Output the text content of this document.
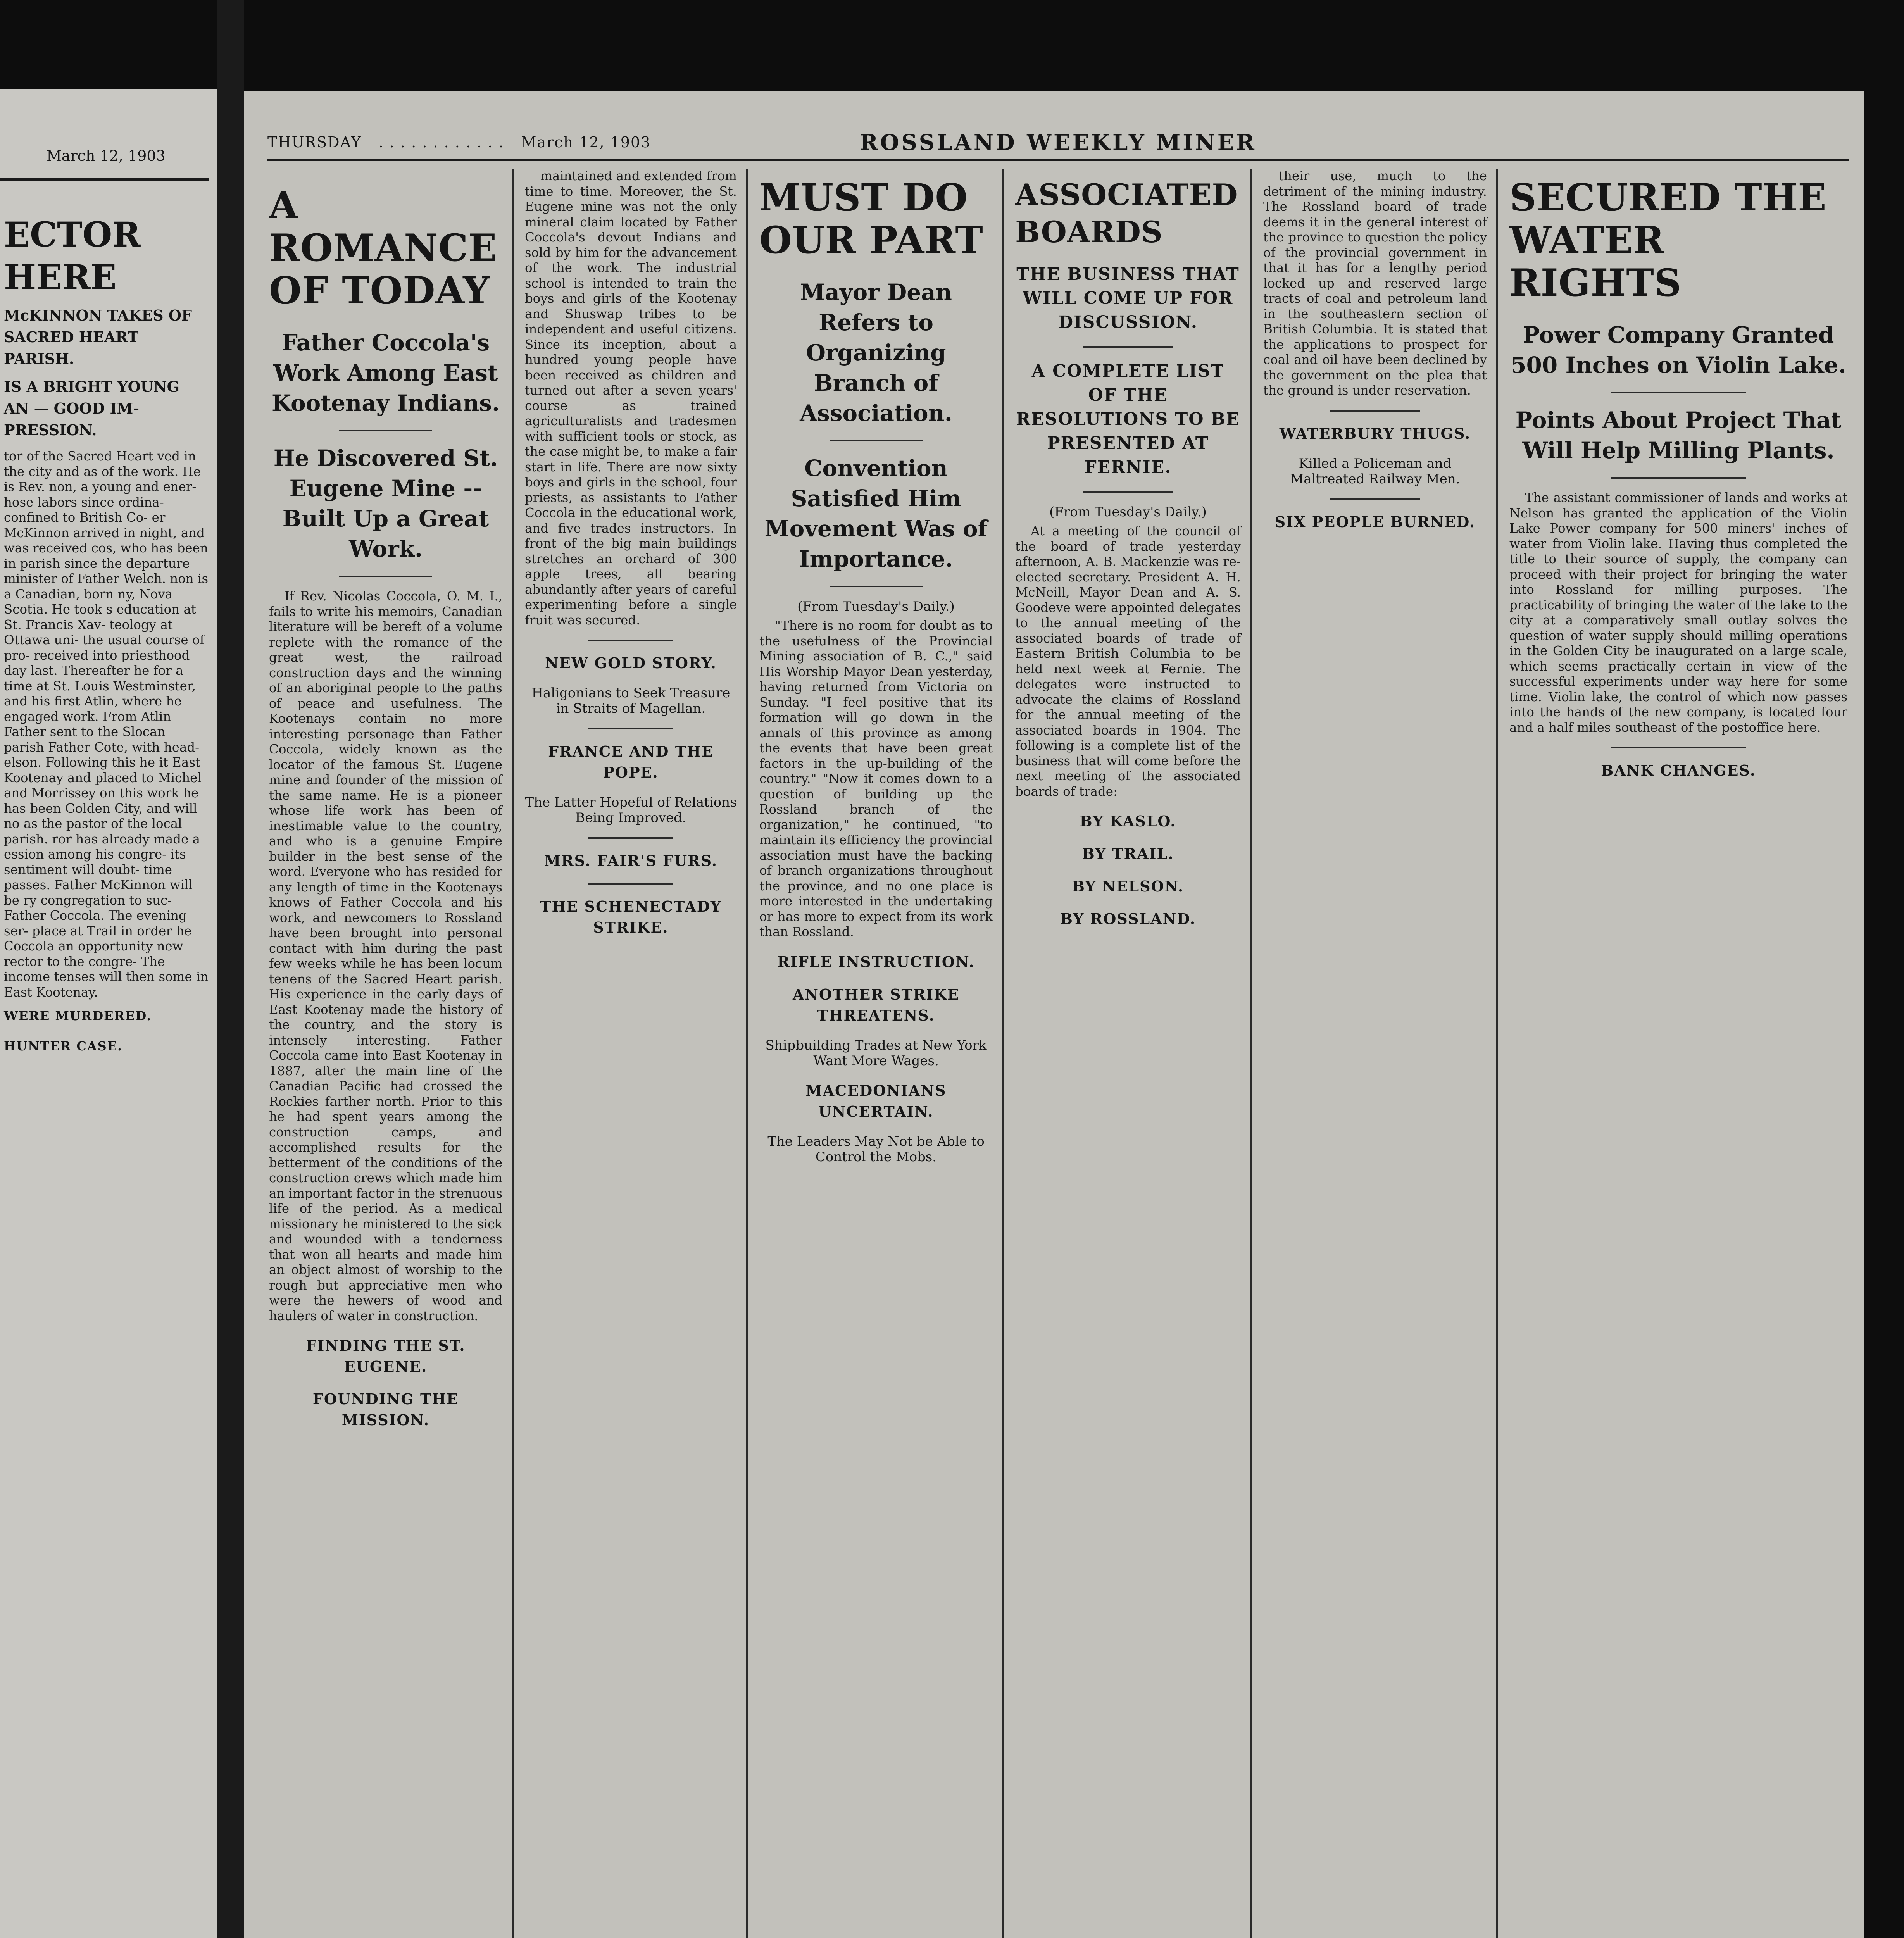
March 12, 1903
ECTOR HERE
McKINNON TAKES OF SACRED HEART PARISH.
IS A BRIGHT YOUNG AN — GOOD IM-PRESSION.
tor of the Sacred Heart ved in the city and as of the work. He is Rev. non, a young and ener- hose labors since ordina- confined to British Co- er McKinnon arrived in night, and was received cos, who has been in parish since the departure minister of Father Welch. non is a Canadian, born ny, Nova Scotia. He took s education at St. Francis Xav- teology at Ottawa uni- the usual course of pro- received into priesthood day last. Thereafter he for a time at St. Louis Westminster, and his first Atlin, where he engaged work. From Atlin Father sent to the Slocan parish Father Cote, with head- elson. Following this he it East Kootenay and placed to Michel and Morrissey on this work he has been Golden City, and will no as the pastor of the local parish. ror has already made a ession among his congre- its sentiment will doubt- time passes. Father McKinnon will be ry congregation to suc- Father Coccola. The evening ser- place at Trail in order he Coccola an opportunity new rector to the congre- The income tenses will then some in East Kootenay.
WERE MURDERED.
HUNTER CASE.
THURSDAY . . . . . . . . . . . . March 12, 1903	ROSSLAND WEEKLY MINER
A ROMANCE OF TODAY
Father Coccola's Work Among East Kootenay Indians.
He Discovered St. Eugene Mine -- Built Up a Great Work.

If Rev. Nicolas Coccola, O. M. I., fails to write his memoirs, Canadian literature will be bereft of a volume replete with the romance of the great west, the railroad construction days and the winning of an aboriginal people to the paths of peace and usefulness. The Kootenays contain no more interesting personage than Father Coccola, widely known as the locator of the famous St. Eugene mine and founder of the mission of the same name. He is a pioneer whose life work has been of inestimable value to the country, and who is a genuine Empire builder in the best sense of the word. Everyone who has resided for any length of time in the Kootenays knows of Father Coccola and his work, and newcomers to Rossland have been brought into personal contact with him during the past few weeks while he has been locum tenens of the Sacred Heart parish. His experience in the early days of East Kootenay made the history of the country, and the story is intensely interesting. Father Coccola came into East Kootenay in 1887, after the main line of the Canadian Pacific had crossed the Rockies farther north. Prior to this he had spent years among the construction camps, and accomplished results for the betterment of the conditions of the construction crews which made him an important factor in the strenuous life of the period. As a medical missionary he ministered to the sick and wounded with a tenderness that won all hearts and made him an object almost of worship to the rough but appreciative men who were the hewers of wood and haulers of water in construction.

FINDING THE ST. EUGENE.
FOUNDING THE MISSION.

maintained and extended from time to time. Moreover, the St. Eugene mine was not the only mineral claim located by Father Coccola's devout Indians and sold by him for the advancement of the work. The industrial school is intended to train the boys and girls of the Kootenay and Shuswap tribes to be independent and useful citizens. Since its inception, about a hundred young people have been received as children and turned out after a seven years' course as trained agriculturalists and tradesmen with sufficient tools or stock, as the case might be, to make a fair start in life. There are now sixty boys and girls in the school, four priests, as assistants to Father Coccola in the educational work, and five trades instructors. In front of the big main buildings stretches an orchard of 300 apple trees, all bearing abundantly after years of careful experimenting before a single fruit was secured.

NEW GOLD STORY.
Haligonians to Seek Treasure in Straits of Magellan.
FRANCE AND THE POPE.
The Latter Hopeful of Relations Being Improved.
MRS. FAIR'S FURS.
THE SCHENECTADY STRIKE.
MUST DO OUR PART
Mayor Dean Refers to Organizing Branch of Association.
Convention Satisfied Him Movement Was of Importance.
(From Tuesday's Daily.)

"There is no room for doubt as to the usefulness of the Provincial Mining association of B. C.," said His Worship Mayor Dean yesterday, having returned from Victoria on Sunday. "I feel positive that its formation will go down in the annals of this province as among the events that have been great factors in the up-building of the country." "Now it comes down to a question of building up the Rossland branch of the organization," he continued, "to maintain its efficiency the provincial association must have the backing of branch organizations throughout the province, and no one place is more interested in the undertaking or has more to expect from its work than Rossland.

RIFLE INSTRUCTION.
ANOTHER STRIKE THREATENS.
Shipbuilding Trades at New York Want More Wages.
MACEDONIANS UNCERTAIN.
The Leaders May Not be Able to Control the Mobs.
ASSOCIATED BOARDS
THE BUSINESS THAT WILL COME UP FOR DISCUSSION.
A COMPLETE LIST OF THE RESOLUTIONS TO BE PRESENTED AT FERNIE.
(From Tuesday's Daily.)

At a meeting of the council of the board of trade yesterday afternoon, A. B. Mackenzie was re-elected secretary. President A. H. McNeill, Mayor Dean and A. S. Goodeve were appointed delegates to the annual meeting of the associated boards of trade of Eastern British Columbia to be held next week at Fernie. The delegates were instructed to advocate the claims of Rossland for the annual meeting of the associated boards in 1904. The following is a complete list of the business that will come before the next meeting of the associated boards of trade:

BY KASLO.
BY TRAIL.
BY NELSON.
BY ROSSLAND.

their use, much to the detriment of the mining industry. The Rossland board of trade deems it in the general interest of the province to question the policy of the provincial government in that it has for a lengthy period locked up and reserved large tracts of coal and petroleum land in the southeastern section of British Columbia. It is stated that the applications to prospect for coal and oil have been declined by the government on the plea that the ground is under reservation.

WATERBURY THUGS.
Killed a Policeman and Maltreated Railway Men.
SIX PEOPLE BURNED.
SECURED THE WATER RIGHTS
Power Company Granted 500 Inches on Violin Lake.
Points About Project That Will Help Milling Plants.

The assistant commissioner of lands and works at Nelson has granted the application of the Violin Lake Power company for 500 miners' inches of water from Violin lake. Having thus completed the title to their source of supply, the company can proceed with their project for bringing the water into Rossland for milling purposes. The practicability of bringing the water of the lake to the city at a comparatively small outlay solves the question of water supply should milling operations in the Golden City be inaugurated on a large scale, which seems practically certain in view of the successful experiments under way here for some time. Violin lake, the control of which now passes into the hands of the new company, is located four and a half miles southeast of the postoffice here.

BANK CHANGES.
